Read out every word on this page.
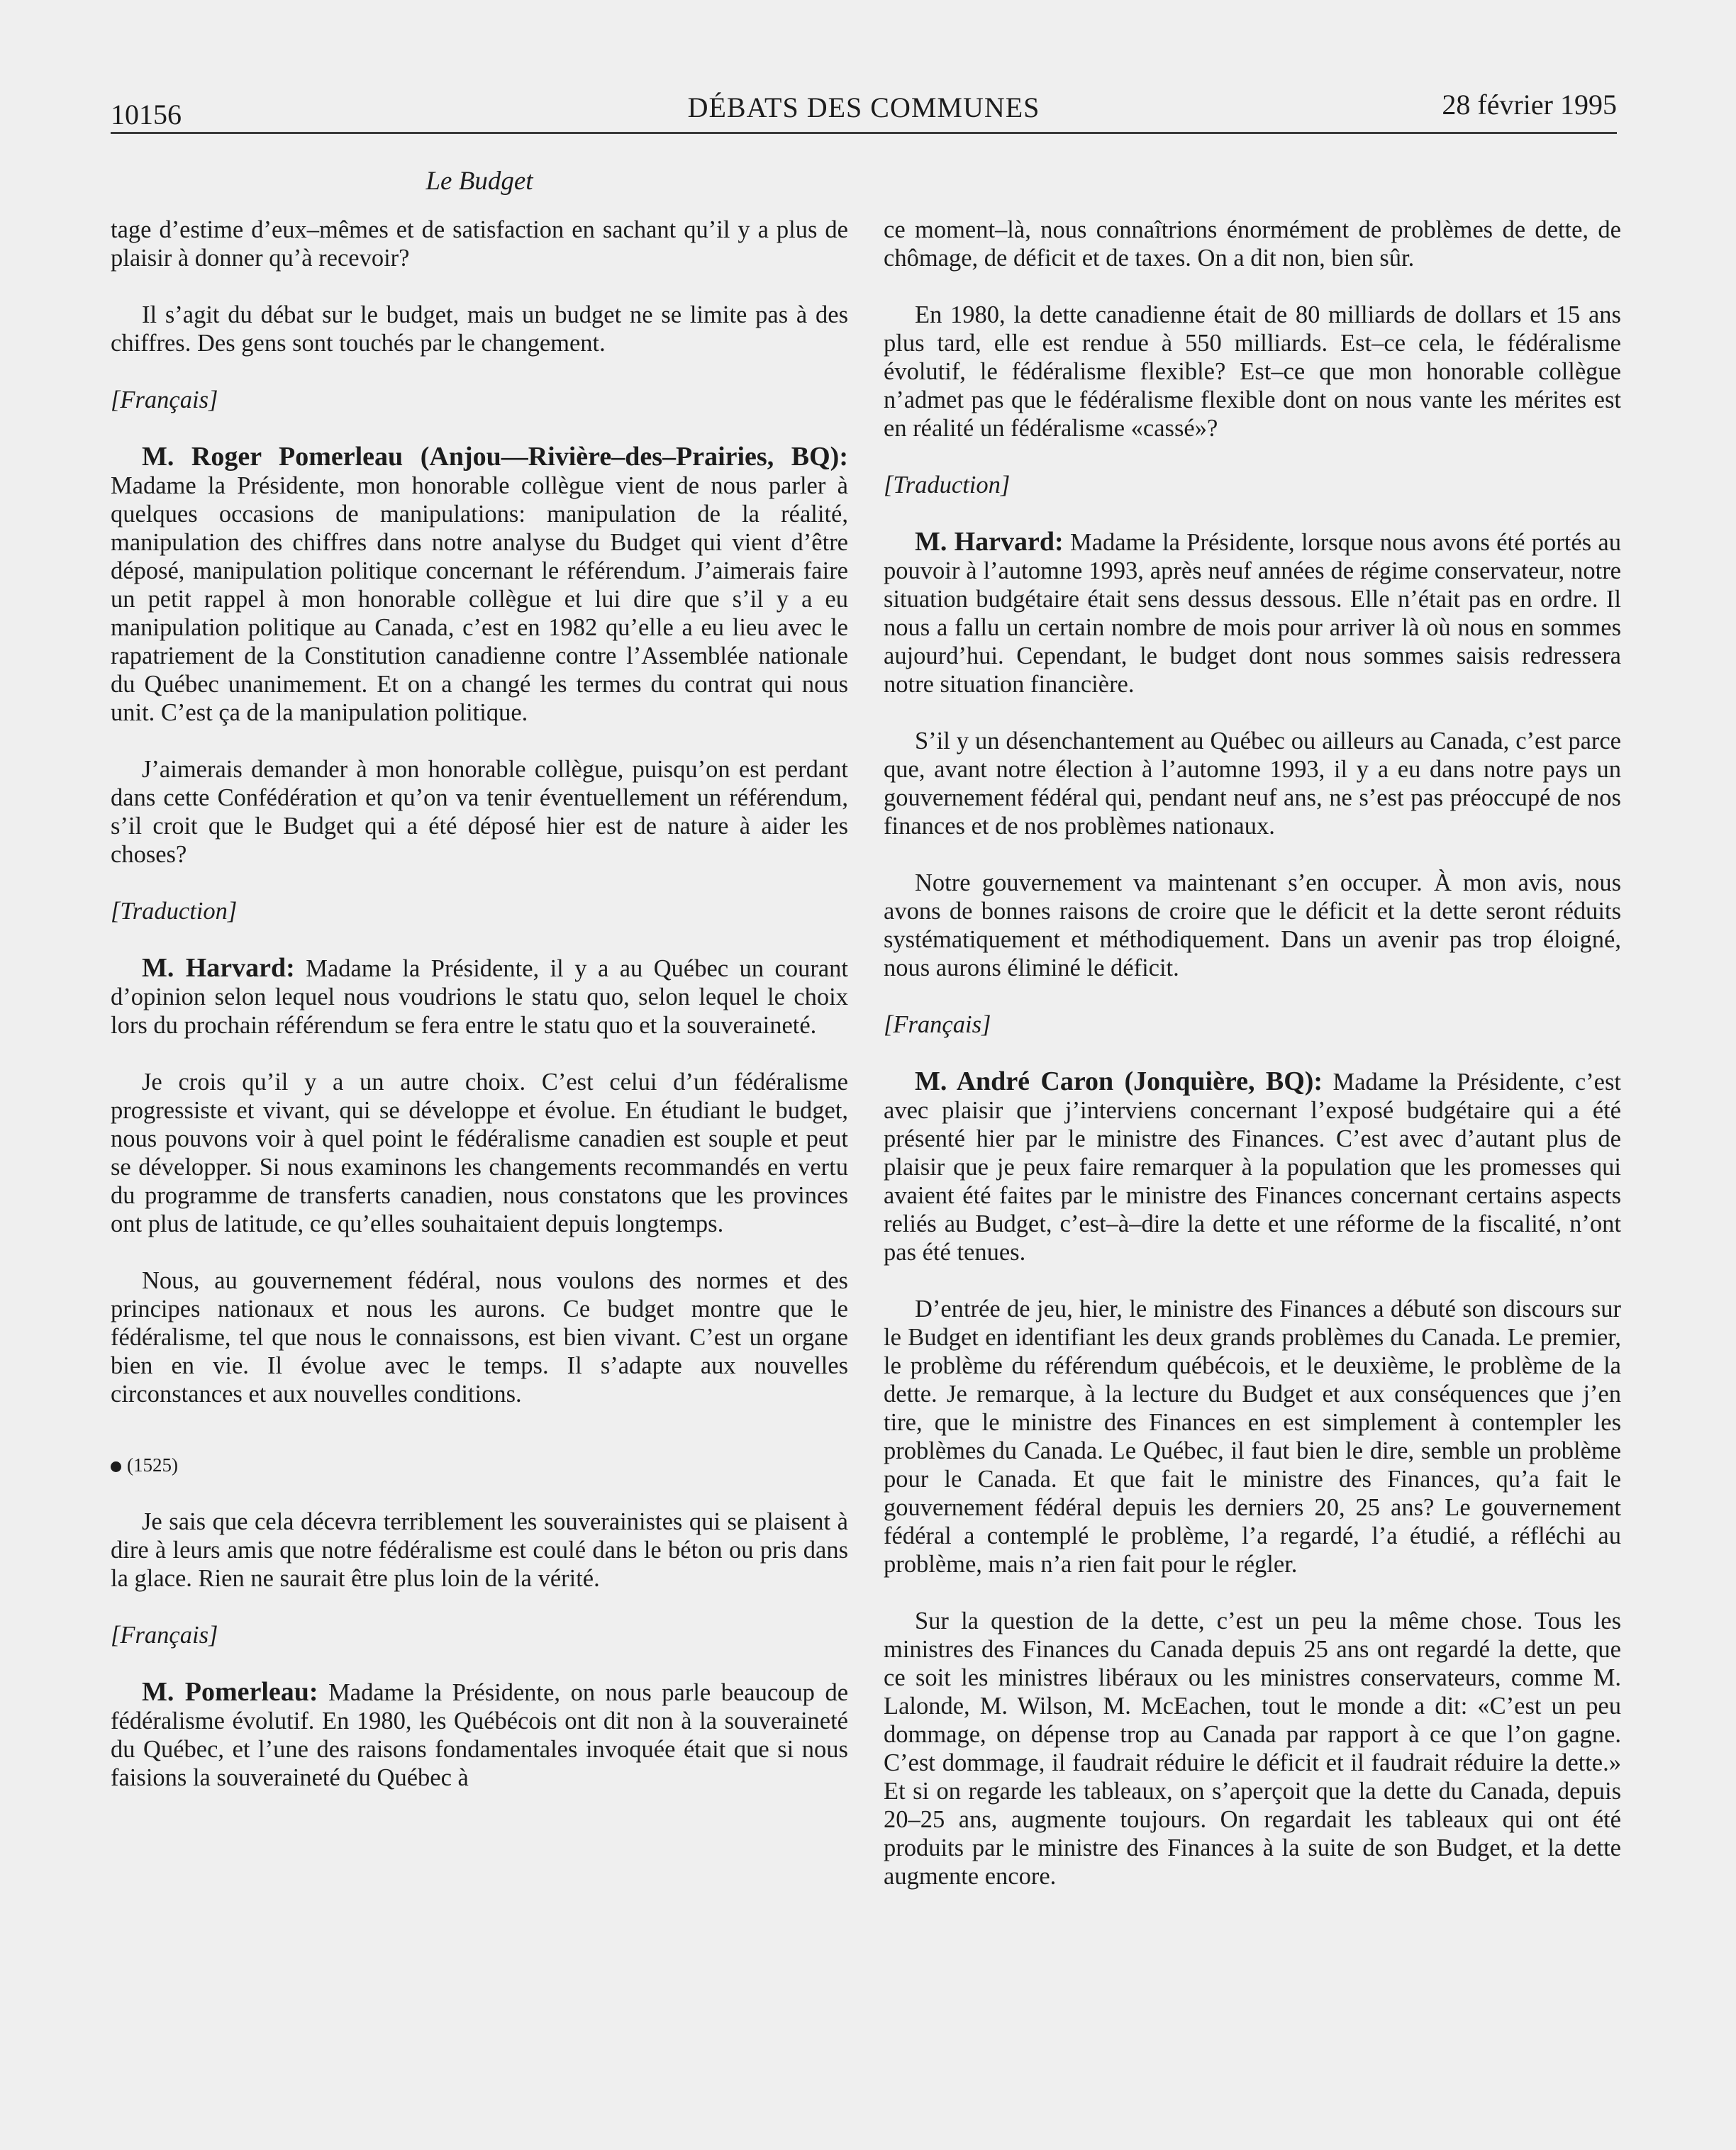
10156	DÉBATS DES COMMUNES	28 février 1995
Le Budget

tage d’estime d’eux–mêmes et de satisfaction en sachant qu’il y a plus de plaisir à donner qu’à recevoir?

Il s’agit du débat sur le budget, mais un budget ne se limite pas à des chiffres. Des gens sont touchés par le changement.

[Français]

M. Roger Pomerleau (Anjou—Rivière–des–Prairies, BQ): Madame la Présidente, mon honorable collègue vient de nous parler à quelques occasions de manipulations: manipulation de la réalité, manipulation des chiffres dans notre analyse du Budget qui vient d’être déposé, manipulation politique concernant le référendum. J’aimerais faire un petit rappel à mon honorable collègue et lui dire que s’il y a eu manipulation politique au Canada, c’est en 1982 qu’elle a eu lieu avec le rapatriement de la Constitution canadienne contre l’Assemblée nationale du Québec unanimement. Et on a changé les termes du contrat qui nous unit. C’est ça de la manipulation politique.

J’aimerais demander à mon honorable collègue, puisqu’on est perdant dans cette Confédération et qu’on va tenir éventuellement un référendum, s’il croit que le Budget qui a été déposé hier est de nature à aider les choses?

[Traduction]

M. Harvard: Madame la Présidente, il y a au Québec un courant d’opinion selon lequel nous voudrions le statu quo, selon lequel le choix lors du prochain référendum se fera entre le statu quo et la souveraineté.

Je crois qu’il y a un autre choix. C’est celui d’un fédéralisme progressiste et vivant, qui se développe et évolue. En étudiant le budget, nous pouvons voir à quel point le fédéralisme canadien est souple et peut se développer. Si nous examinons les changements recommandés en vertu du programme de transferts canadien, nous constatons que les provinces ont plus de latitude, ce qu’elles souhaitaient depuis longtemps.

Nous, au gouvernement fédéral, nous voulons des normes et des principes nationaux et nous les aurons. Ce budget montre que le fédéralisme, tel que nous le connaissons, est bien vivant. C’est un organe bien en vie. Il évolue avec le temps. Il s’adapte aux nouvelles circonstances et aux nouvelles conditions.

(1525)

Je sais que cela décevra terriblement les souverainistes qui se plaisent à dire à leurs amis que notre fédéralisme est coulé dans le béton ou pris dans la glace. Rien ne saurait être plus loin de la vérité.

[Français]

M. Pomerleau: Madame la Présidente, on nous parle beaucoup de fédéralisme évolutif. En 1980, les Québécois ont dit non à la souveraineté du Québec, et l’une des raisons fondamentales invoquée était que si nous faisions la souveraineté du Québec à

ce moment–là, nous connaîtrions énormément de problèmes de dette, de chômage, de déficit et de taxes. On a dit non, bien sûr.

En 1980, la dette canadienne était de 80 milliards de dollars et 15 ans plus tard, elle est rendue à 550 milliards. Est–ce cela, le fédéralisme évolutif, le fédéralisme flexible? Est–ce que mon honorable collègue n’admet pas que le fédéralisme flexible dont on nous vante les mérites est en réalité un fédéralisme «cassé»?

[Traduction]

M. Harvard: Madame la Présidente, lorsque nous avons été portés au pouvoir à l’automne 1993, après neuf années de régime conservateur, notre situation budgétaire était sens dessus dessous. Elle n’était pas en ordre. Il nous a fallu un certain nombre de mois pour arriver là où nous en sommes aujourd’hui. Cependant, le budget dont nous sommes saisis redressera notre situation financière.

S’il y un désenchantement au Québec ou ailleurs au Canada, c’est parce que, avant notre élection à l’automne 1993, il y a eu dans notre pays un gouvernement fédéral qui, pendant neuf ans, ne s’est pas préoccupé de nos finances et de nos problèmes nationaux.

Notre gouvernement va maintenant s’en occuper. À mon avis, nous avons de bonnes raisons de croire que le déficit et la dette seront réduits systématiquement et méthodiquement. Dans un avenir pas trop éloigné, nous aurons éliminé le déficit.

[Français]

M. André Caron (Jonquière, BQ): Madame la Présidente, c’est avec plaisir que j’interviens concernant l’exposé budgétaire qui a été présenté hier par le ministre des Finances. C’est avec d’autant plus de plaisir que je peux faire remarquer à la population que les promesses qui avaient été faites par le ministre des Finances concernant certains aspects reliés au Budget, c’est–à–dire la dette et une réforme de la fiscalité, n’ont pas été tenues.

D’entrée de jeu, hier, le ministre des Finances a débuté son discours sur le Budget en identifiant les deux grands problèmes du Canada. Le premier, le problème du référendum québécois, et le deuxième, le problème de la dette. Je remarque, à la lecture du Budget et aux conséquences que j’en tire, que le ministre des Finances en est simplement à contempler les problèmes du Canada. Le Québec, il faut bien le dire, semble un problème pour le Canada. Et que fait le ministre des Finances, qu’a fait le gouvernement fédéral depuis les derniers 20, 25 ans? Le gouvernement fédéral a contemplé le problème, l’a regardé, l’a étudié, a réfléchi au problème, mais n’a rien fait pour le régler.

Sur la question de la dette, c’est un peu la même chose. Tous les ministres des Finances du Canada depuis 25 ans ont regardé la dette, que ce soit les ministres libéraux ou les ministres conservateurs, comme M. Lalonde, M. Wilson, M. McEachen, tout le monde a dit: «C’est un peu dommage, on dépense trop au Canada par rapport à ce que l’on gagne. C’est dommage, il faudrait réduire le déficit et il faudrait réduire la dette.» Et si on regarde les tableaux, on s’aperçoit que la dette du Canada, depuis 20–25 ans, augmente toujours. On regardait les tableaux qui ont été produits par le ministre des Finances à la suite de son Budget, et la dette augmente encore.
